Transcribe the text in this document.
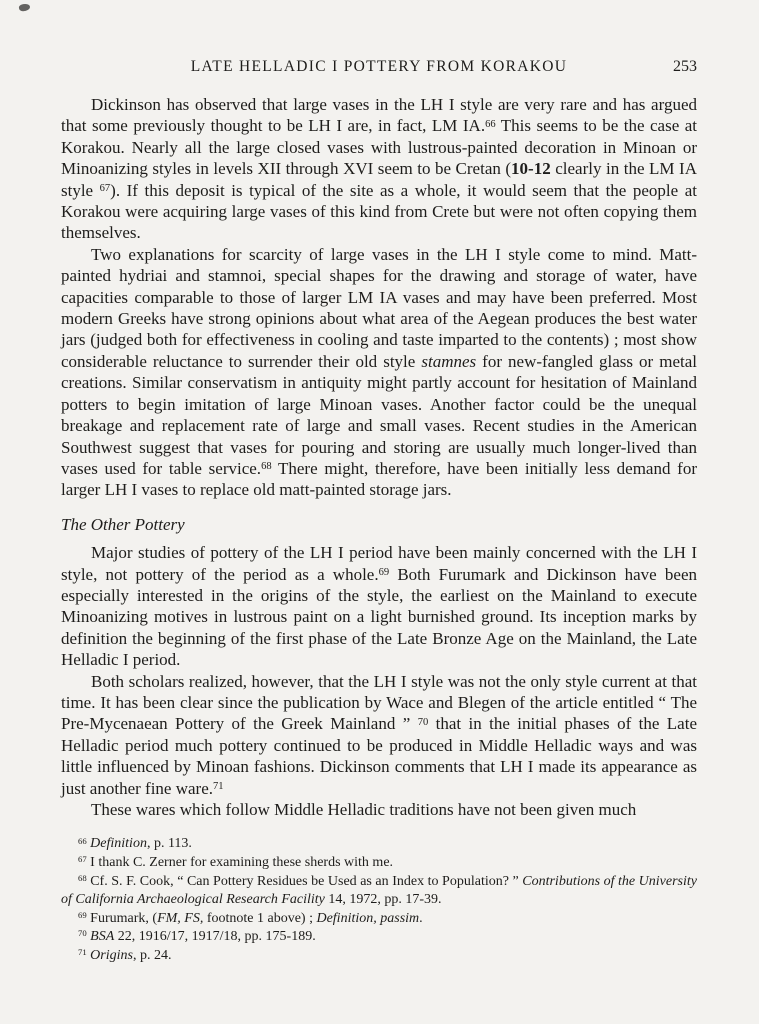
LATE HELLADIC I POTTERY FROM KORAKOU	253

Dickinson has observed that large vases in the LH I style are very rare and has argued that some previously thought to be LH I are, in fact, LM IA.$^{66}$ This seems to be the case at Korakou. Nearly all the large closed vases with lustrous-painted decoration in Minoan or Minoanizing styles in levels XII through XVI seem to be Cretan (10-12 clearly in the LM IA style $^{67}$). If this deposit is typical of the site as a whole, it would seem that the people at Korakou were acquiring large vases of this kind from Crete but were not often copying them themselves.

Two explanations for scarcity of large vases in the LH I style come to mind. Matt-painted hydriai and stamnoi, special shapes for the drawing and storage of water, have capacities comparable to those of larger LM IA vases and may have been preferred. Most modern Greeks have strong opinions about what area of the Aegean produces the best water jars (judged both for effectiveness in cooling and taste imparted to the contents) ; most show considerable reluctance to surrender their old style stamnes for new-fangled glass or metal creations. Similar conservatism in antiquity might partly account for hesitation of Mainland potters to begin imitation of large Minoan vases. Another factor could be the unequal breakage and replacement rate of large and small vases. Recent studies in the American Southwest suggest that vases for pouring and storing are usually much longer-lived than vases used for table service.$^{68}$ There might, therefore, have been initially less demand for larger LH I vases to replace old matt-painted storage jars.

The Other Pottery

Major studies of pottery of the LH I period have been mainly concerned with the LH I style, not pottery of the period as a whole.$^{69}$ Both Furumark and Dickinson have been especially interested in the origins of the style, the earliest on the Mainland to execute Minoanizing motives in lustrous paint on a light burnished ground. Its inception marks by definition the beginning of the first phase of the Late Bronze Age on the Mainland, the Late Helladic I period.

Both scholars realized, however, that the LH I style was not the only style current at that time. It has been clear since the publication by Wace and Blegen of the article entitled “ The Pre-Mycenaean Pottery of the Greek Mainland ” $^{70}$ that in the initial phases of the Late Helladic period much pottery continued to be produced in Middle Helladic ways and was little influenced by Minoan fashions. Dickinson comments that LH I made its appearance as just another fine ware.$^{71}$

These wares which follow Middle Helladic traditions have not been given much

$^{66}$ Definition, p. 113.

$^{67}$ I thank C. Zerner for examining these sherds with me.

$^{68}$ Cf. S. F. Cook, “ Can Pottery Residues be Used as an Index to Population? ” Contributions of the University of California Archaeological Research Facility 14, 1972, pp. 17-39.

$^{69}$ Furumark, (FM, FS, footnote 1 above) ; Definition, passim.

$^{70}$ BSA 22, 1916/17, 1917/18, pp. 175-189.

$^{71}$ Origins, p. 24.
